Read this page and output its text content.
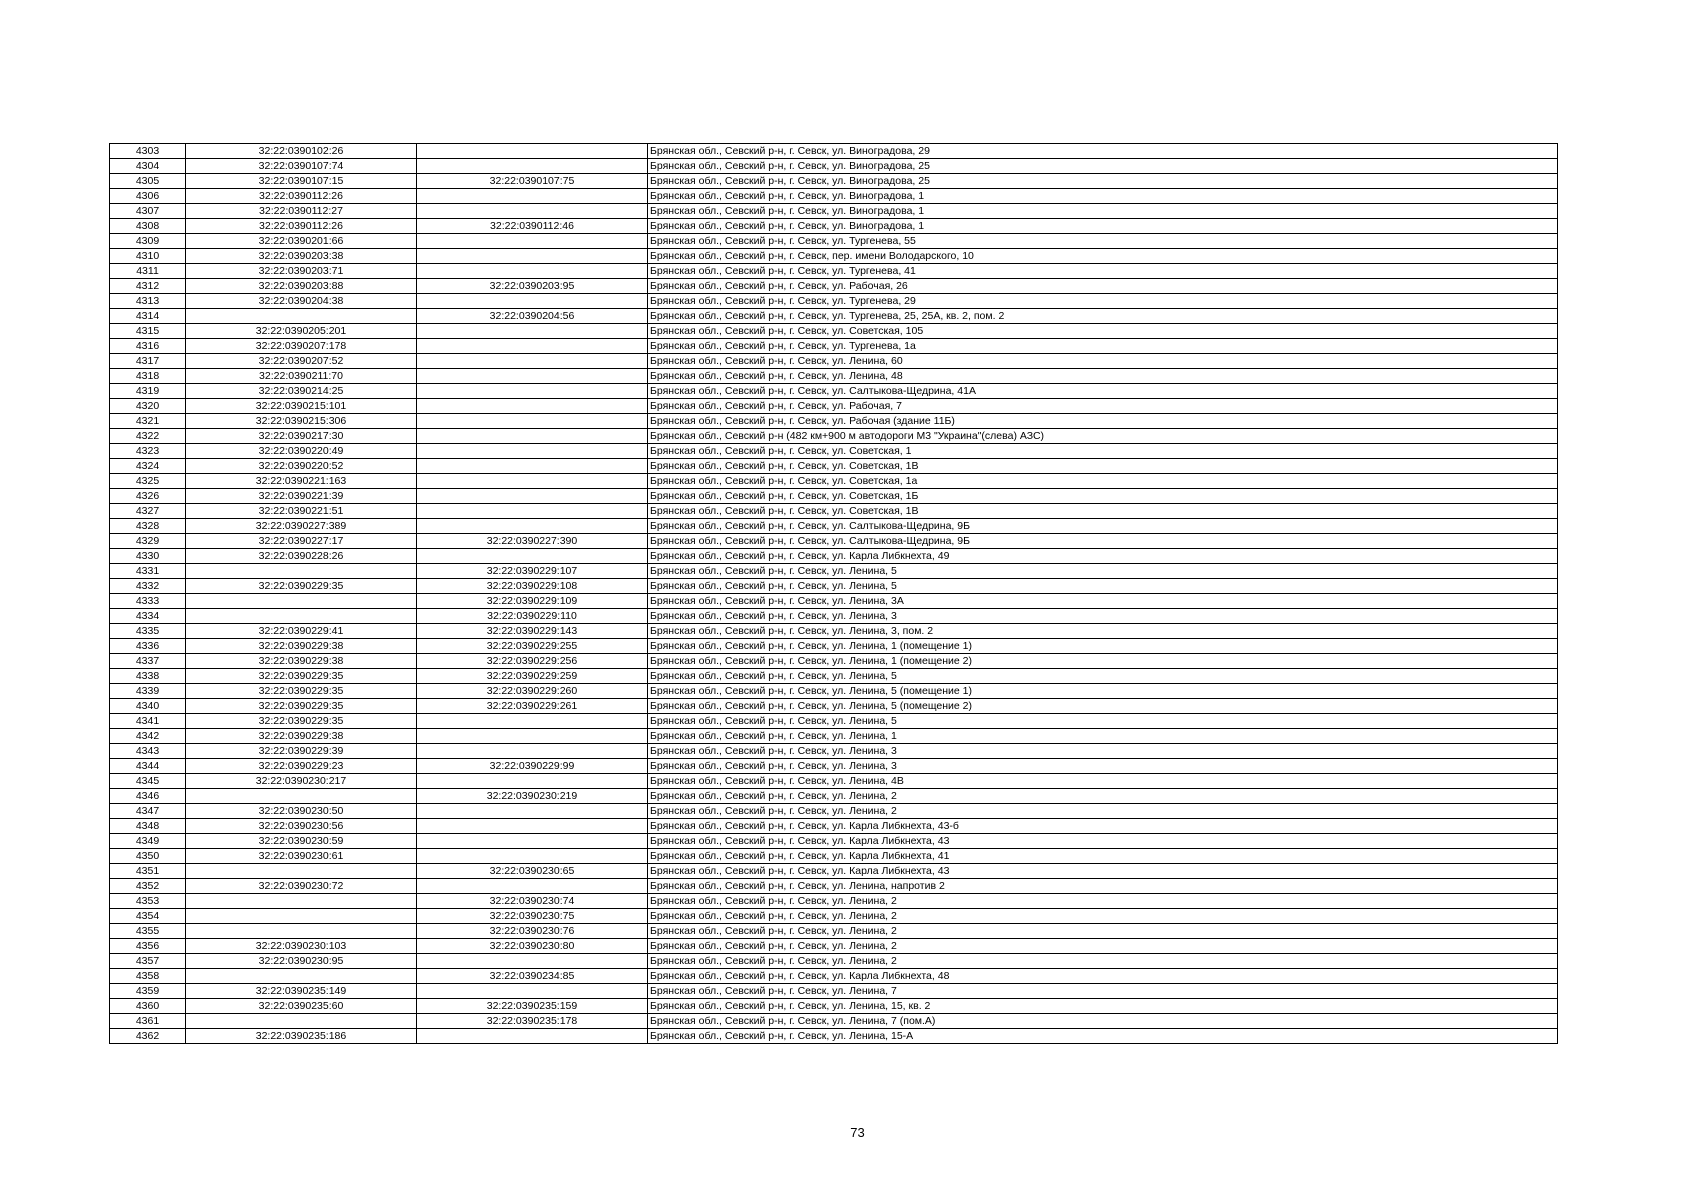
4303	32:22:0390102:26		Брянская обл., Севский р-н, г. Севск, ул. Виноградова, 29
4304	32:22:0390107:74		Брянская обл., Севский р-н, г. Севск, ул. Виноградова, 25
4305	32:22:0390107:15	32:22:0390107:75	Брянская обл., Севский р-н, г. Севск, ул. Виноградова, 25
4306	32:22:0390112:26		Брянская обл., Севский р-н, г. Севск, ул. Виноградова, 1
4307	32:22:0390112:27		Брянская обл., Севский р-н, г. Севск, ул. Виноградова, 1
4308	32:22:0390112:26	32:22:0390112:46	Брянская обл., Севский р-н, г. Севск, ул. Виноградова, 1
4309	32:22:0390201:66		Брянская обл., Севский р-н, г. Севск, ул. Тургенева, 55
4310	32:22:0390203:38		Брянская обл., Севский р-н, г. Севск, пер. имени Володарского, 10
4311	32:22:0390203:71		Брянская обл., Севский р-н, г. Севск, ул. Тургенева, 41
4312	32:22:0390203:88	32:22:0390203:95	Брянская обл., Севский р-н, г. Севск, ул. Рабочая, 26
4313	32:22:0390204:38		Брянская обл., Севский р-н, г. Севск, ул. Тургенева, 29
4314		32:22:0390204:56	Брянская обл., Севский р-н, г. Севск, ул. Тургенева, 25, 25А, кв. 2, пом. 2
4315	32:22:0390205:201		Брянская обл., Севский р-н, г. Севск, ул. Советская, 105
4316	32:22:0390207:178		Брянская обл., Севский р-н, г. Севск, ул. Тургенева, 1а
4317	32:22:0390207:52		Брянская обл., Севский р-н, г. Севск, ул. Ленина, 60
4318	32:22:0390211:70		Брянская обл., Севский р-н, г. Севск, ул. Ленина, 48
4319	32:22:0390214:25		Брянская обл., Севский р-н, г. Севск, ул. Салтыкова-Щедрина, 41А
4320	32:22:0390215:101		Брянская обл., Севский р-н, г. Севск, ул. Рабочая, 7
4321	32:22:0390215:306		Брянская обл., Севский р-н, г. Севск, ул. Рабочая (здание 11Б)
4322	32:22:0390217:30		Брянская обл., Севский р-н (482 км+900 м автодороги М3 "Украина"(слева) АЗС)
4323	32:22:0390220:49		Брянская обл., Севский р-н, г. Севск, ул. Советская, 1
4324	32:22:0390220:52		Брянская обл., Севский р-н, г. Севск, ул. Советская, 1В
4325	32:22:0390221:163		Брянская обл., Севский р-н, г. Севск, ул. Советская, 1а
4326	32:22:0390221:39		Брянская обл., Севский р-н, г. Севск, ул. Советская, 1Б
4327	32:22:0390221:51		Брянская обл., Севский р-н, г. Севск, ул. Советская, 1В
4328	32:22:0390227:389		Брянская обл., Севский р-н, г. Севск, ул. Салтыкова-Щедрина, 9Б
4329	32:22:0390227:17	32:22:0390227:390	Брянская обл., Севский р-н, г. Севск, ул. Салтыкова-Щедрина, 9Б
4330	32:22:0390228:26		Брянская обл., Севский р-н, г. Севск, ул. Карла Либкнехта, 49
4331		32:22:0390229:107	Брянская обл., Севский р-н, г. Севск, ул. Ленина, 5
4332	32:22:0390229:35	32:22:0390229:108	Брянская обл., Севский р-н, г. Севск, ул. Ленина, 5
4333		32:22:0390229:109	Брянская обл., Севский р-н, г. Севск, ул. Ленина, 3А
4334		32:22:0390229:110	Брянская обл., Севский р-н, г. Севск, ул. Ленина, 3
4335	32:22:0390229:41	32:22:0390229:143	Брянская обл., Севский р-н, г. Севск, ул. Ленина, 3, пом. 2
4336	32:22:0390229:38	32:22:0390229:255	Брянская обл., Севский р-н, г. Севск, ул. Ленина, 1 (помещение 1)
4337	32:22:0390229:38	32:22:0390229:256	Брянская обл., Севский р-н, г. Севск, ул. Ленина, 1 (помещение 2)
4338	32:22:0390229:35	32:22:0390229:259	Брянская обл., Севский р-н, г. Севск, ул. Ленина, 5
4339	32:22:0390229:35	32:22:0390229:260	Брянская обл., Севский р-н, г. Севск, ул. Ленина, 5 (помещение 1)
4340	32:22:0390229:35	32:22:0390229:261	Брянская обл., Севский р-н, г. Севск, ул. Ленина, 5 (помещение 2)
4341	32:22:0390229:35		Брянская обл., Севский р-н, г. Севск, ул. Ленина, 5
4342	32:22:0390229:38		Брянская обл., Севский р-н, г. Севск, ул. Ленина, 1
4343	32:22:0390229:39		Брянская обл., Севский р-н, г. Севск, ул. Ленина, 3
4344	32:22:0390229:23	32:22:0390229:99	Брянская обл., Севский р-н, г. Севск, ул. Ленина, 3
4345	32:22:0390230:217		Брянская обл., Севский р-н, г. Севск, ул. Ленина, 4В
4346		32:22:0390230:219	Брянская обл., Севский р-н, г. Севск, ул. Ленина, 2
4347	32:22:0390230:50		Брянская обл., Севский р-н, г. Севск, ул. Ленина, 2
4348	32:22:0390230:56		Брянская обл., Севский р-н, г. Севск, ул. Карла Либкнехта, 43-б
4349	32:22:0390230:59		Брянская обл., Севский р-н, г. Севск, ул. Карла Либкнехта, 43
4350	32:22:0390230:61		Брянская обл., Севский р-н, г. Севск, ул. Карла Либкнехта, 41
4351		32:22:0390230:65	Брянская обл., Севский р-н, г. Севск, ул. Карла Либкнехта, 43
4352	32:22:0390230:72		Брянская обл., Севский р-н, г. Севск, ул. Ленина, напротив 2
4353		32:22:0390230:74	Брянская обл., Севский р-н, г. Севск, ул. Ленина, 2
4354		32:22:0390230:75	Брянская обл., Севский р-н, г. Севск, ул. Ленина, 2
4355		32:22:0390230:76	Брянская обл., Севский р-н, г. Севск, ул. Ленина, 2
4356	32:22:0390230:103	32:22:0390230:80	Брянская обл., Севский р-н, г. Севск, ул. Ленина, 2
4357	32:22:0390230:95		Брянская обл., Севский р-н, г. Севск, ул. Ленина, 2
4358		32:22:0390234:85	Брянская обл., Севский р-н, г. Севск, ул. Карла Либкнехта, 48
4359	32:22:0390235:149		Брянская обл., Севский р-н, г. Севск, ул. Ленина, 7
4360	32:22:0390235:60	32:22:0390235:159	Брянская обл., Севский р-н, г. Севск, ул. Ленина, 15, кв. 2
4361		32:22:0390235:178	Брянская обл., Севский р-н, г. Севск, ул. Ленина, 7 (пом.А)
4362	32:22:0390235:186		Брянская обл., Севский р-н, г. Севск, ул. Ленина, 15-А
73
